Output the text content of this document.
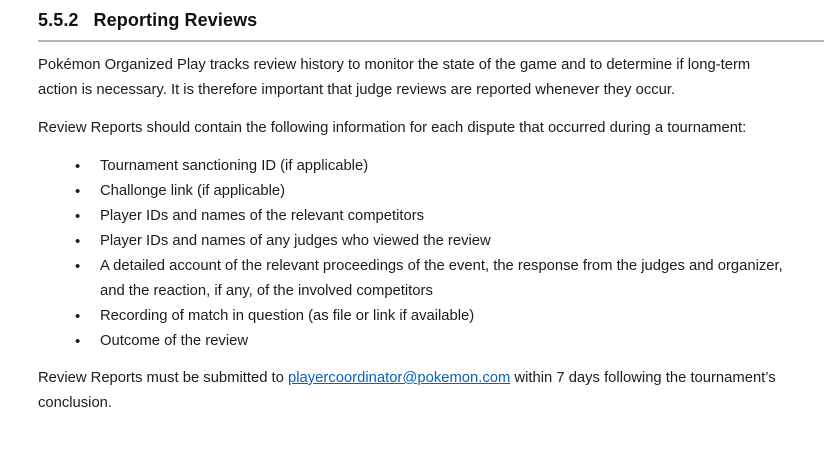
5.5.2 Reporting Reviews

Pokémon Organized Play tracks review history to monitor the state of the game and to determine if long-term action is necessary. It is therefore important that judge reviews are reported whenever they occur.

Review Reports should contain the following information for each dispute that occurred during a tournament:

• Tournament sanctioning ID (if applicable)
• Challonge link (if applicable)
• Player IDs and names of the relevant competitors
• Player IDs and names of any judges who viewed the review
• A detailed account of the relevant proceedings of the event, the response from the judges and organizer, and the reaction, if any, of the involved competitors
• Recording of match in question (as file or link if available)
• Outcome of the review

Review Reports must be submitted to playercoordinator@pokemon.com within 7 days following the tournament’s conclusion.
